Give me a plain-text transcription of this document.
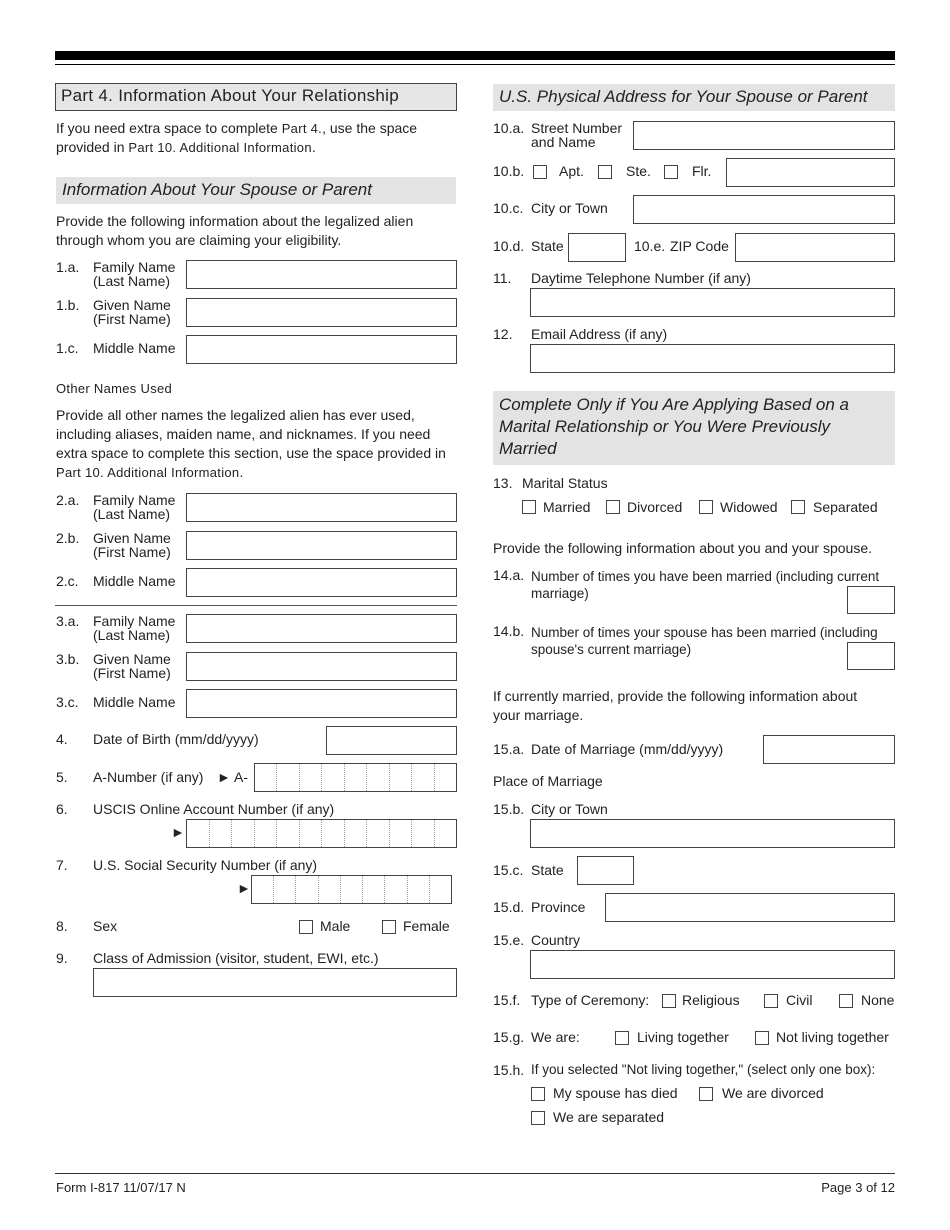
Part 4. Information About Your Relationship
If you need extra space to complete Part 4., use the space
provided in Part 10. Additional Information.
Information About Your Spouse or Parent
Provide the following information about the legalized alien
through whom you are claiming your eligibility.
1.a. Family Name
(Last Name)
1.b. Given Name
(First Name)
1.c. Middle Name
Other Names Used
Provide all other names the legalized alien has ever used,
including aliases, maiden name, and nicknames. If you need
extra space to complete this section, use the space provided in
Part 10. Additional Information.
2.a. Family Name
(Last Name)
2.b. Given Name
(First Name)
2.c. Middle Name
3.a. Family Name
(Last Name)
3.b. Given Name
(First Name)
3.c. Middle Name
4. Date of Birth (mm/dd/yyyy)
5. A-Number (if any) ► A-
6. USCIS Online Account Number (if any)
►
7. U.S. Social Security Number (if any)
►
8. Sex	Male	Female
9. Class of Admission (visitor, student, EWI, etc.)
U.S. Physical Address for Your Spouse or Parent
10.a. Street Number
and Name
10.b. Apt.	Ste.	Flr.
10.c. City or Town
10.d. State	10.e. ZIP Code
11. Daytime Telephone Number (if any)
12. Email Address (if any)
Complete Only if You Are Applying Based on a
Marital Relationship or You Were Previously
Married
13. Marital Status
Married	Divorced	Widowed	Separated
Provide the following information about you and your spouse.
14.a. Number of times you have been married (including current
marriage)
14.b. Number of times your spouse has been married (including
spouse's current marriage)
If currently married, provide the following information about
your marriage.
15.a. Date of Marriage (mm/dd/yyyy)
Place of Marriage
15.b. City or Town
15.c. State
15.d. Province
15.e. Country
15.f. Type of Ceremony: Religious	Civil	None
15.g. We are:	Living together	Not living together
15.h. If you selected "Not living together," (select only one box):
My spouse has died	We are divorced
We are separated
Form I-817 11/07/17 N	Page 3 of 12
